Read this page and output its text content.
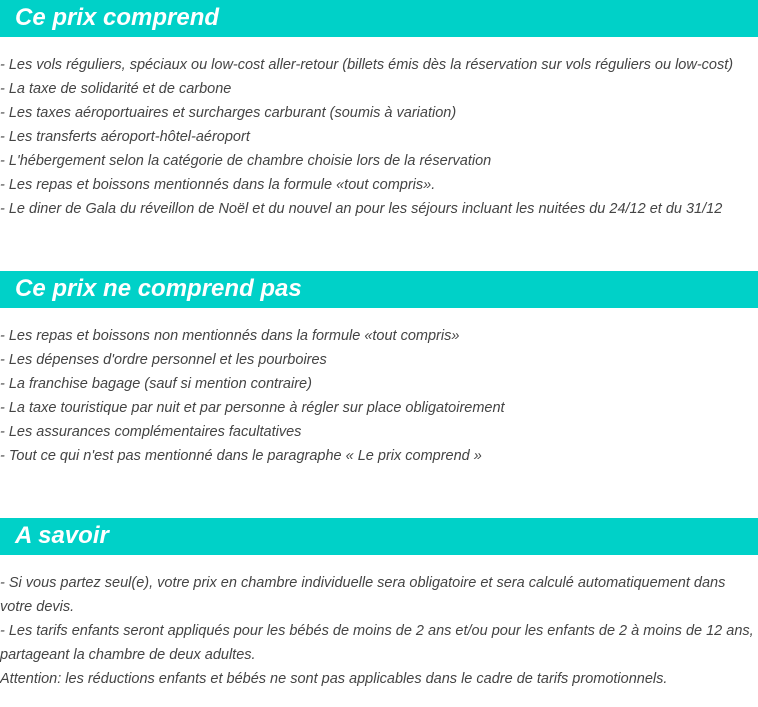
Ce prix comprend
- Les vols réguliers, spéciaux ou low-cost aller-retour (billets émis dès la réservation sur vols réguliers ou low-cost)
- La taxe de solidarité et de carbone
- Les taxes aéroportuaires et surcharges carburant (soumis à variation)
- Les transferts aéroport-hôtel-aéroport
- L'hébergement selon la catégorie de chambre choisie lors de la réservation
- Les repas et boissons mentionnés dans la formule «tout compris».
- Le diner de Gala du réveillon de Noël et du nouvel an pour les séjours incluant les nuitées du 24/12 et du 31/12
Ce prix ne comprend pas
- Les repas et boissons non mentionnés dans la formule «tout compris»
- Les dépenses d'ordre personnel et les pourboires
- La franchise bagage (sauf si mention contraire)
- La taxe touristique par nuit et par personne à régler sur place obligatoirement
- Les assurances complémentaires facultatives
- Tout ce qui n'est pas mentionné dans le paragraphe « Le prix comprend »
A savoir
- Si vous partez seul(e), votre prix en chambre individuelle sera obligatoire et sera calculé automatiquement dans votre devis.
- Les tarifs enfants seront appliqués pour les bébés de moins de 2 ans et/ou pour les enfants de 2 à moins de 12 ans, partageant la chambre de deux adultes.
Attention: les réductions enfants et bébés ne sont pas applicables dans le cadre de tarifs promotionnels.
